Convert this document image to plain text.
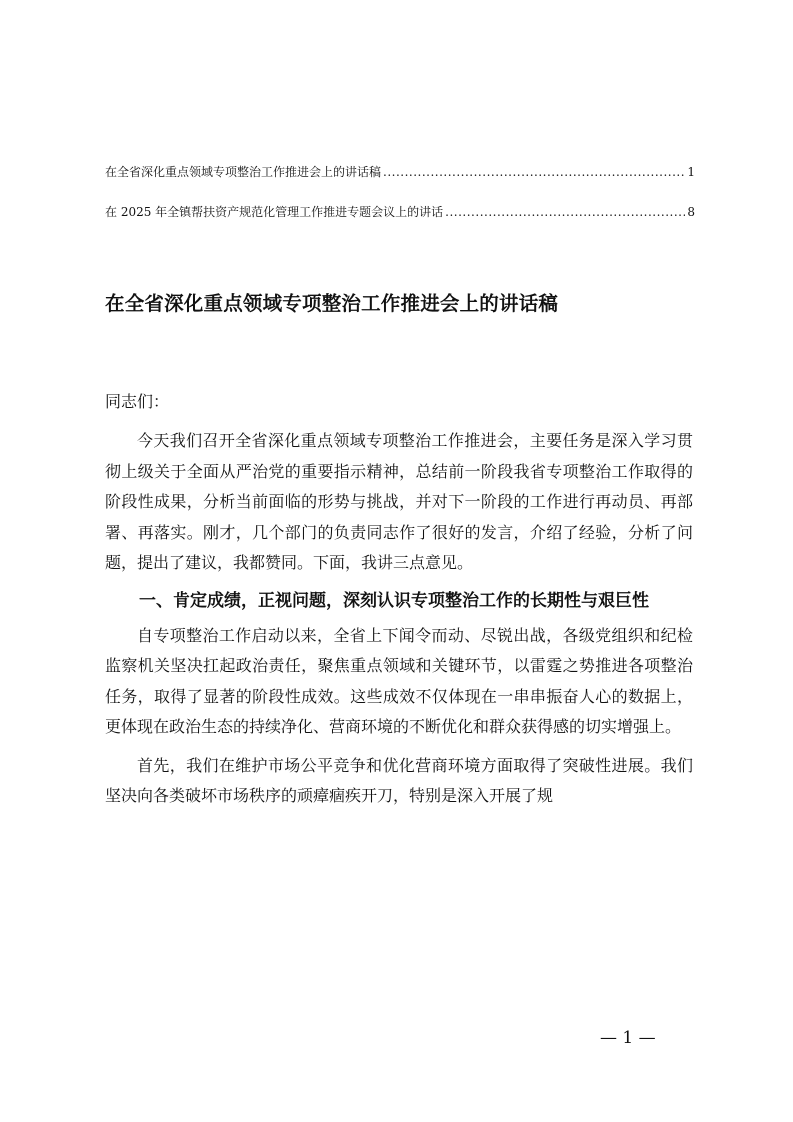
在全省深化重点领域专项整治工作推进会上的讲话稿 .....	1
在 2025 年全镇帮扶资产规范化管理工作推进专题会议上的讲话 .....	8
在全省深化重点领域专项整治工作推进会上的讲话稿
同志们：

今天我们召开全省深化重点领域专项整治工作推进会，主要任务是深入学习贯彻上级关于全面从严治党的重要指示精神，总结前一阶段我省专项整治工作取得的阶段性成果，分析当前面临的形势与挑战，并对下一阶段的工作进行再动员、再部署、再落实。刚才，几个部门的负责同志作了很好的发言，介绍了经验，分析了问题，提出了建议，我都赞同。下面，我讲三点意见。

一、肯定成绩，正视问题，深刻认识专项整治工作的长期性与艰巨性

自专项整治工作启动以来，全省上下闻令而动、尽锐出战，各级党组织和纪检监察机关坚决扛起政治责任，聚焦重点领域和关键环节，以雷霆之势推进各项整治任务，取得了显著的阶段性成效。这些成效不仅体现在一串串振奋人心的数据上，更体现在政治生态的持续净化、营商环境的不断优化和群众获得感的切实增强上。

首先，我们在维护市场公平竞争和优化营商环境方面取得了突破性进展。我们坚决向各类破坏市场秩序的顽瘴痼疾开刀，特别是深入开展了规

— 1 —
